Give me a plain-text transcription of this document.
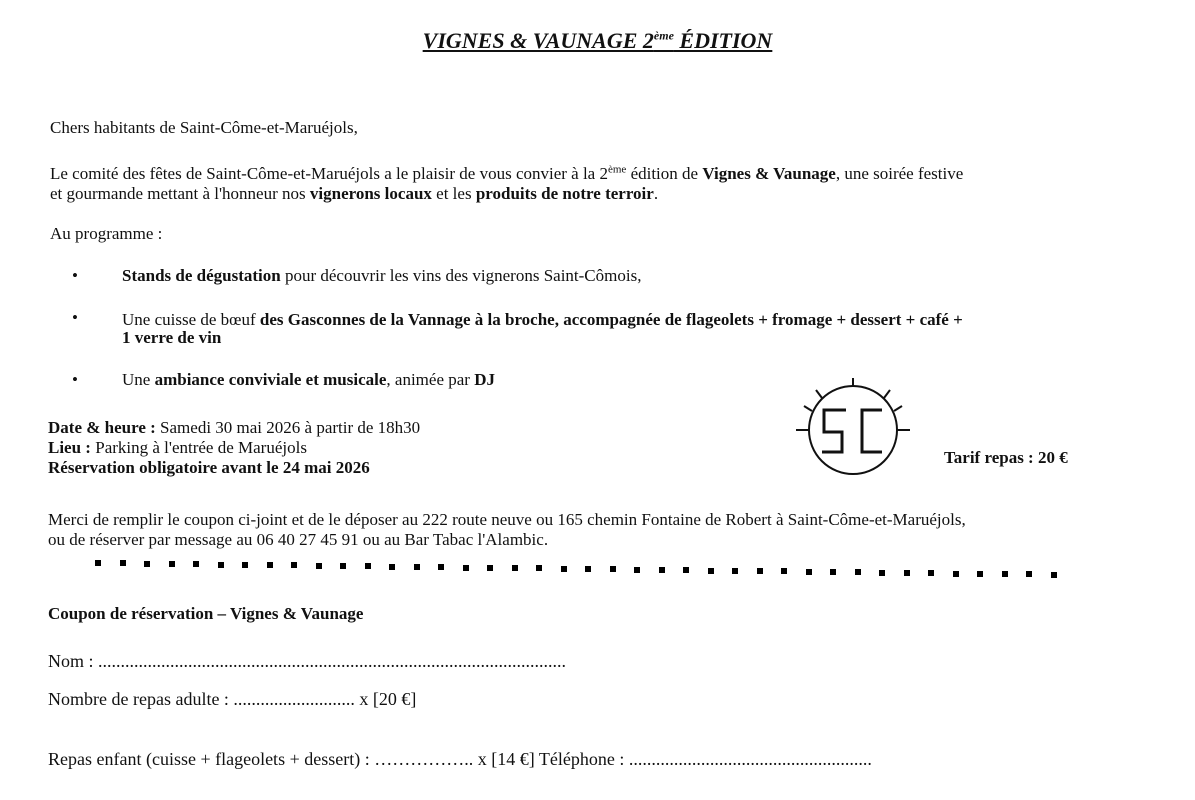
VIGNES & VAUNAGE 2ème ÉDITION
Chers habitants de Saint-Côme-et-Maruéjols,
Le comité des fêtes de Saint-Côme-et-Maruéjols a le plaisir de vous convier à la 2ème édition de Vignes & Vaunage, une soirée festive
et gourmande mettant à l'honneur nos vignerons locaux et les produits de notre terroir.
Au programme :
•	Stands de dégustation pour découvrir les vins des vignerons Saint-Cômois,
•	Une cuisse de bœuf des Gasconnes de la Vannage à la broche, accompagnée de flageolets + fromage + dessert + café +
1 verre de vin
•	Une ambiance conviviale et musicale, animée par DJ
Date & heure : Samedi 30 mai 2026 à partir de 18h30
Lieu : Parking à l'entrée de Maruéjols
Réservation obligatoire avant le 24 mai 2026
Tarif repas : 20 €
Merci de remplir le coupon ci-joint et de le déposer au 222 route neuve ou 165 chemin Fontaine de Robert à Saint-Côme-et-Maruéjols,
ou de réserver par message au 06 40 27 45 91 ou au Bar Tabac l'Alambic.
Coupon de réservation – Vignes & Vaunage
Nom : ........................................................................................................
Nombre de repas adulte : ........................... x [20 €]
Repas enfant (cuisse + flageolets + dessert) : …………….. x [14 €] Téléphone : ......................................................
